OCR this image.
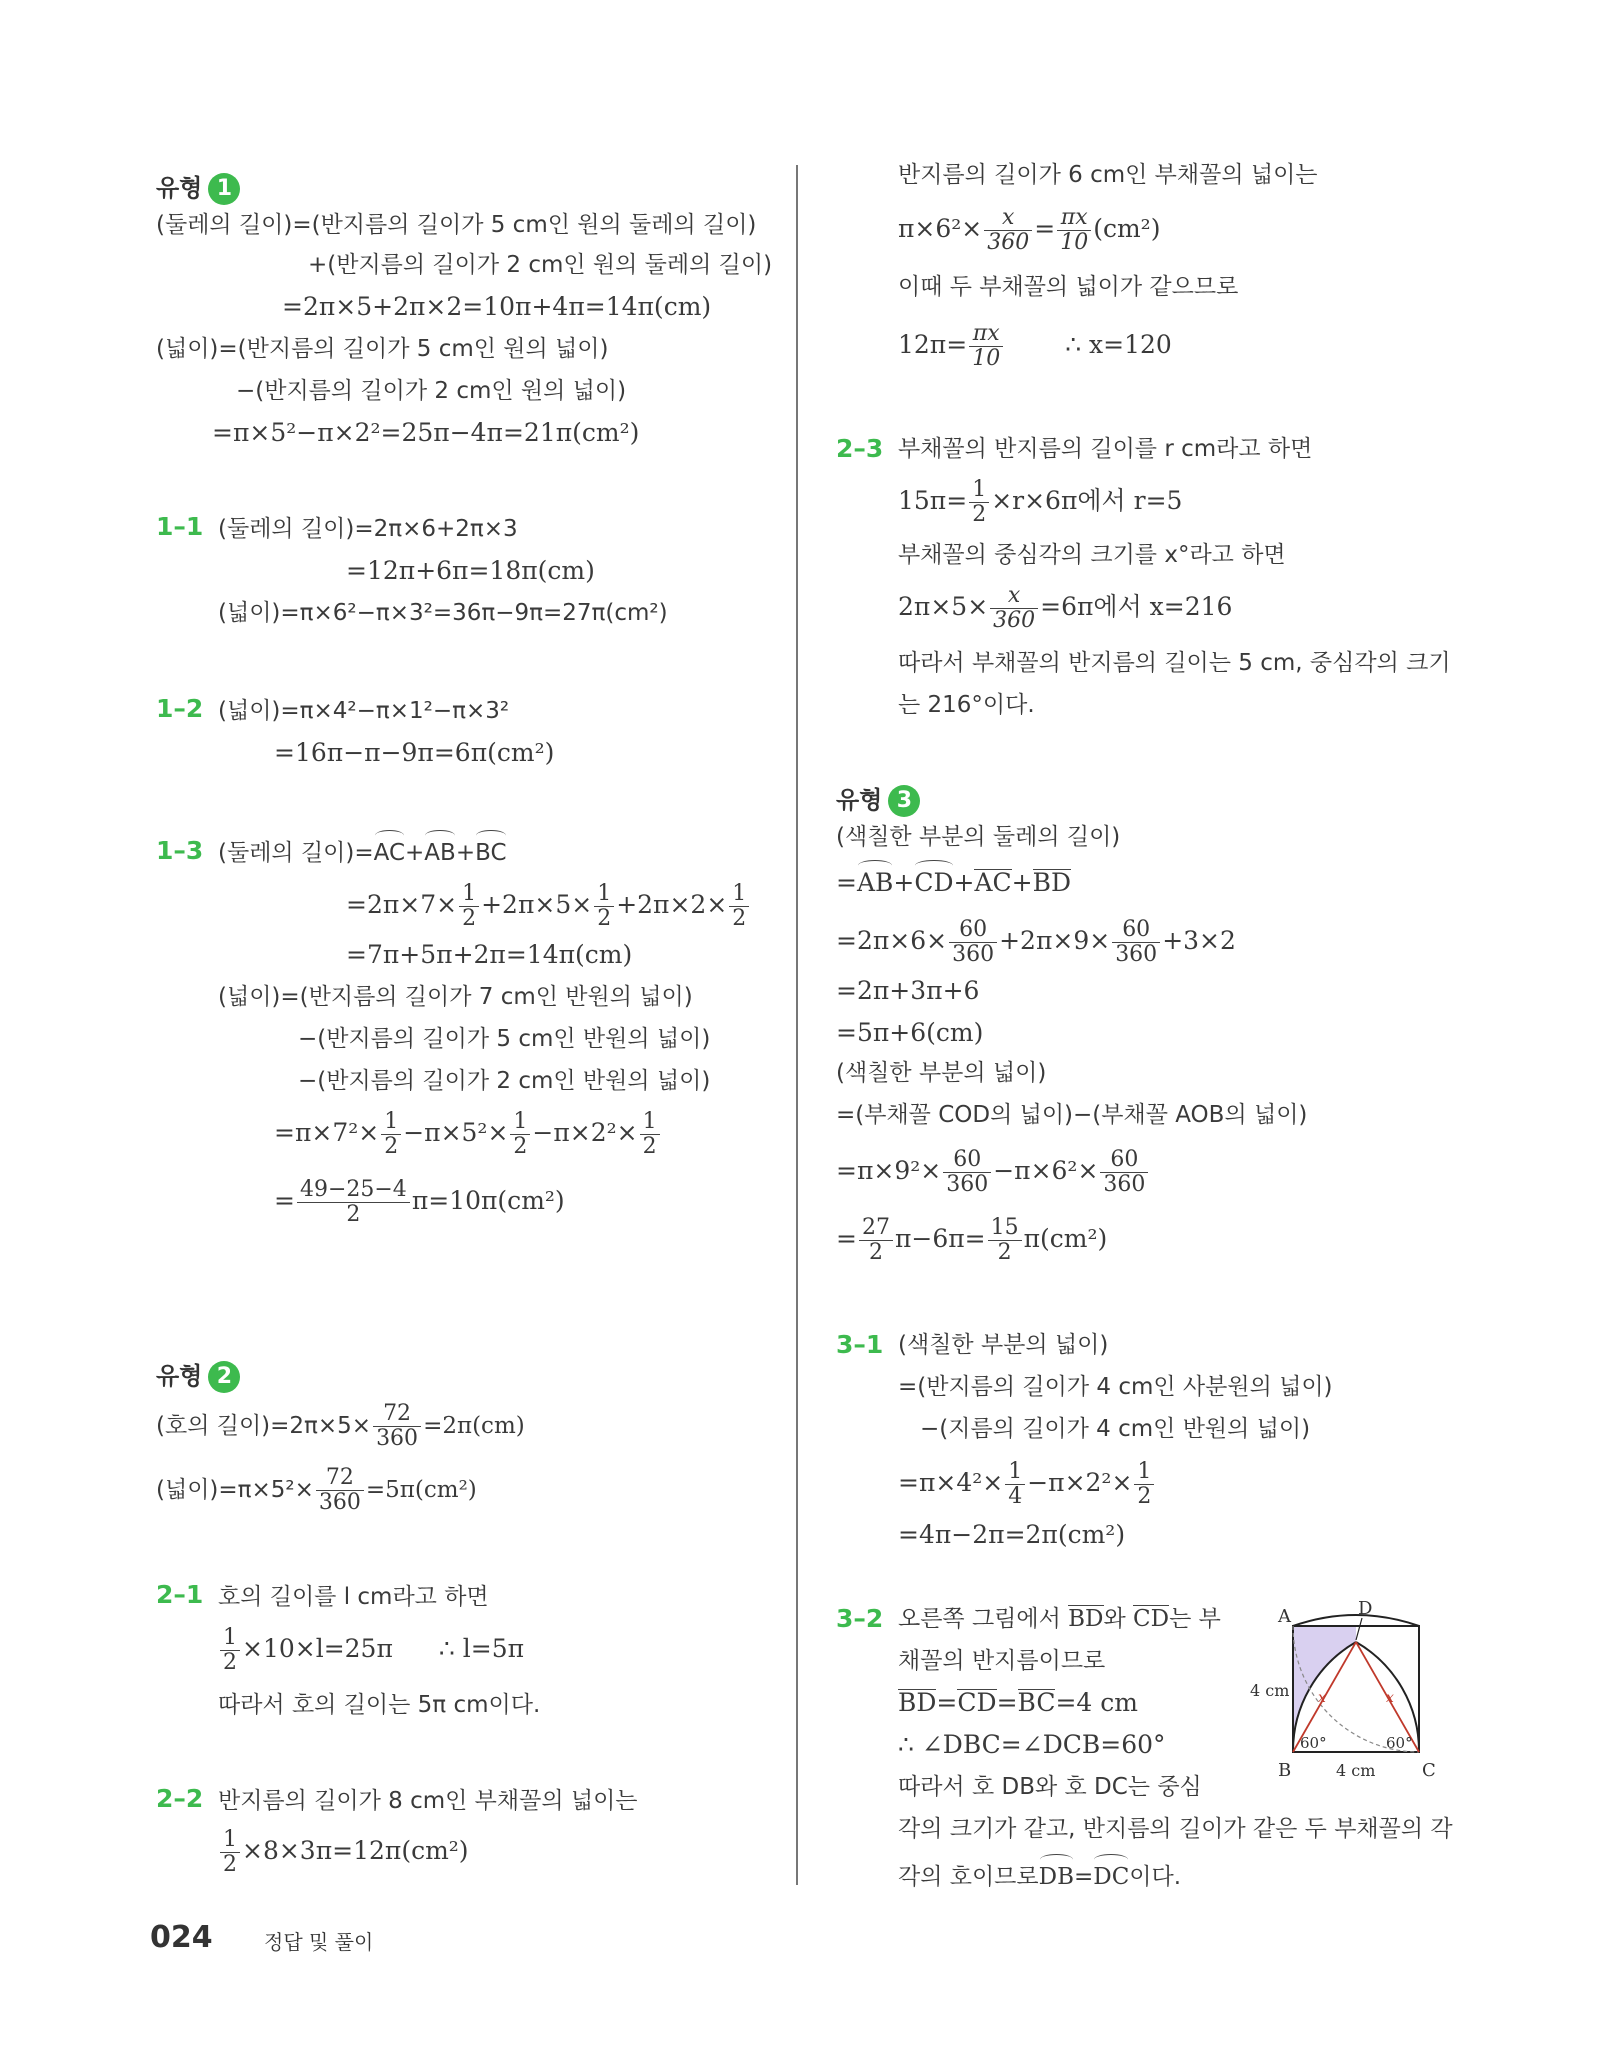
유형 1
(둘레의 길이)=(반지름의 길이가 5 cm인 원의 둘레의 길이)
+(반지름의 길이가 2 cm인 원의 둘레의 길이)
=2π×5+2π×2=10π+4π=14π(cm)
(넓이)=(반지름의 길이가 5 cm인 원의 넓이)
−(반지름의 길이가 2 cm인 원의 넓이)
=π×5²−π×2²=25π−4π=21π(cm²)
1–1 (둘레의 길이)=2π×6+2π×3
=12π+6π=18π(cm)
(넓이)=π×6²−π×3²=36π−9π=27π(cm²)
1–2 (넓이)=π×4²−π×1²−π×3²
=16π−π−9π=6π(cm²)
1–3 (둘레의 길이)=AC+AB+BC
$=2\pi\times 7\times \frac{1}{2} +2\pi\times 5\times \frac{1}{2} +2\pi\times 2\times \frac{1}{2}$
=7π+5π+2π=14π(cm)
(넓이)=(반지름의 길이가 7 cm인 반원의 넓이)
−(반지름의 길이가 5 cm인 반원의 넓이)
−(반지름의 길이가 2 cm인 반원의 넓이)
$=\pi\times 7^2\times \frac{1}{2} -\pi\times 5^2\times \frac{1}{2} -\pi\times 2^2\times \frac{1}{2}$
= $\frac{49-25-4}{2} \pi=10\pi(cm^2)$
유형 2
(호의 길이)$=2\pi\times 5\times \frac{72}{360} =2\pi(cm)$
(넓이)$=\pi\times 5^2\times \frac{72}{360} =5\pi(cm^2)$
2–1 호의 길이를 l cm라고 하면
$\frac{1}{2} \times 10\times l=25\pi$ ∴ l=5π
따라서 호의 길이는 5π cm이다.
2–2 반지름의 길이가 8 cm인 부채꼴의 넓이는
$\frac{1}{2} \times 8\times 3\pi=12\pi(cm^2)$
반지름의 길이가 6 cm인 부채꼴의 넓이는
$\pi\times 6^2\times \frac{x}{360} = \frac{\pi x}{10} (cm^2)$
이때 두 부채꼴의 넓이가 같으므로
$12\pi= \frac{\pi x}{10}$ ∴ x=120
2–3 부채꼴의 반지름의 길이를 r cm라고 하면
$15\pi= \frac{1}{2} \times r\times 6\pi$에서 r=5
부채꼴의 중심각의 크기를 x°라고 하면
$2\pi\times 5\times \frac{x}{360} =6\pi$에서 x=216
따라서 부채꼴의 반지름의 길이는 5 cm, 중심각의 크기
는 216°이다.
유형 3
(색칠한 부분의 둘레의 길이)
=AB+CD+AC+BD
$=2\pi\times 6\times \frac{60}{360} +2\pi\times 9\times \frac{60}{360} +3\times 2$
=2π+3π+6
=5π+6(cm)
(색칠한 부분의 넓이)
=(부채꼴 COD의 넓이)−(부채꼴 AOB의 넓이)
$=\pi\times 9^2\times \frac{60}{360} -\pi\times 6^2\times \frac{60}{360}$
= $\frac{27}{2} \pi-6\pi= \frac{15}{2} \pi(cm^2)$
3–1 (색칠한 부분의 넓이)
=(반지름의 길이가 4 cm인 사분원의 넓이)
−(지름의 길이가 4 cm인 반원의 넓이)
$=\pi\times 4^2\times \frac{1}{4} -\pi\times 2^2\times \frac{1}{2}$
=4π−2π=2π(cm²)
3–2 오른쪽 그림에서 BD와 CD는 부
채꼴의 반지름이므로
BD=CD=BC=4 cm
∴ ∠DBC=∠DCB=60°
따라서 호 DB와 호 DC는 중심
각의 크기가 같고, 반지름의 길이가 같은 두 부채꼴의 각
각의 호이므로DB=DC이다.
A	D
B	C
4 cm
4 cm
60°	60°
x	x
024	정답 및 풀이
